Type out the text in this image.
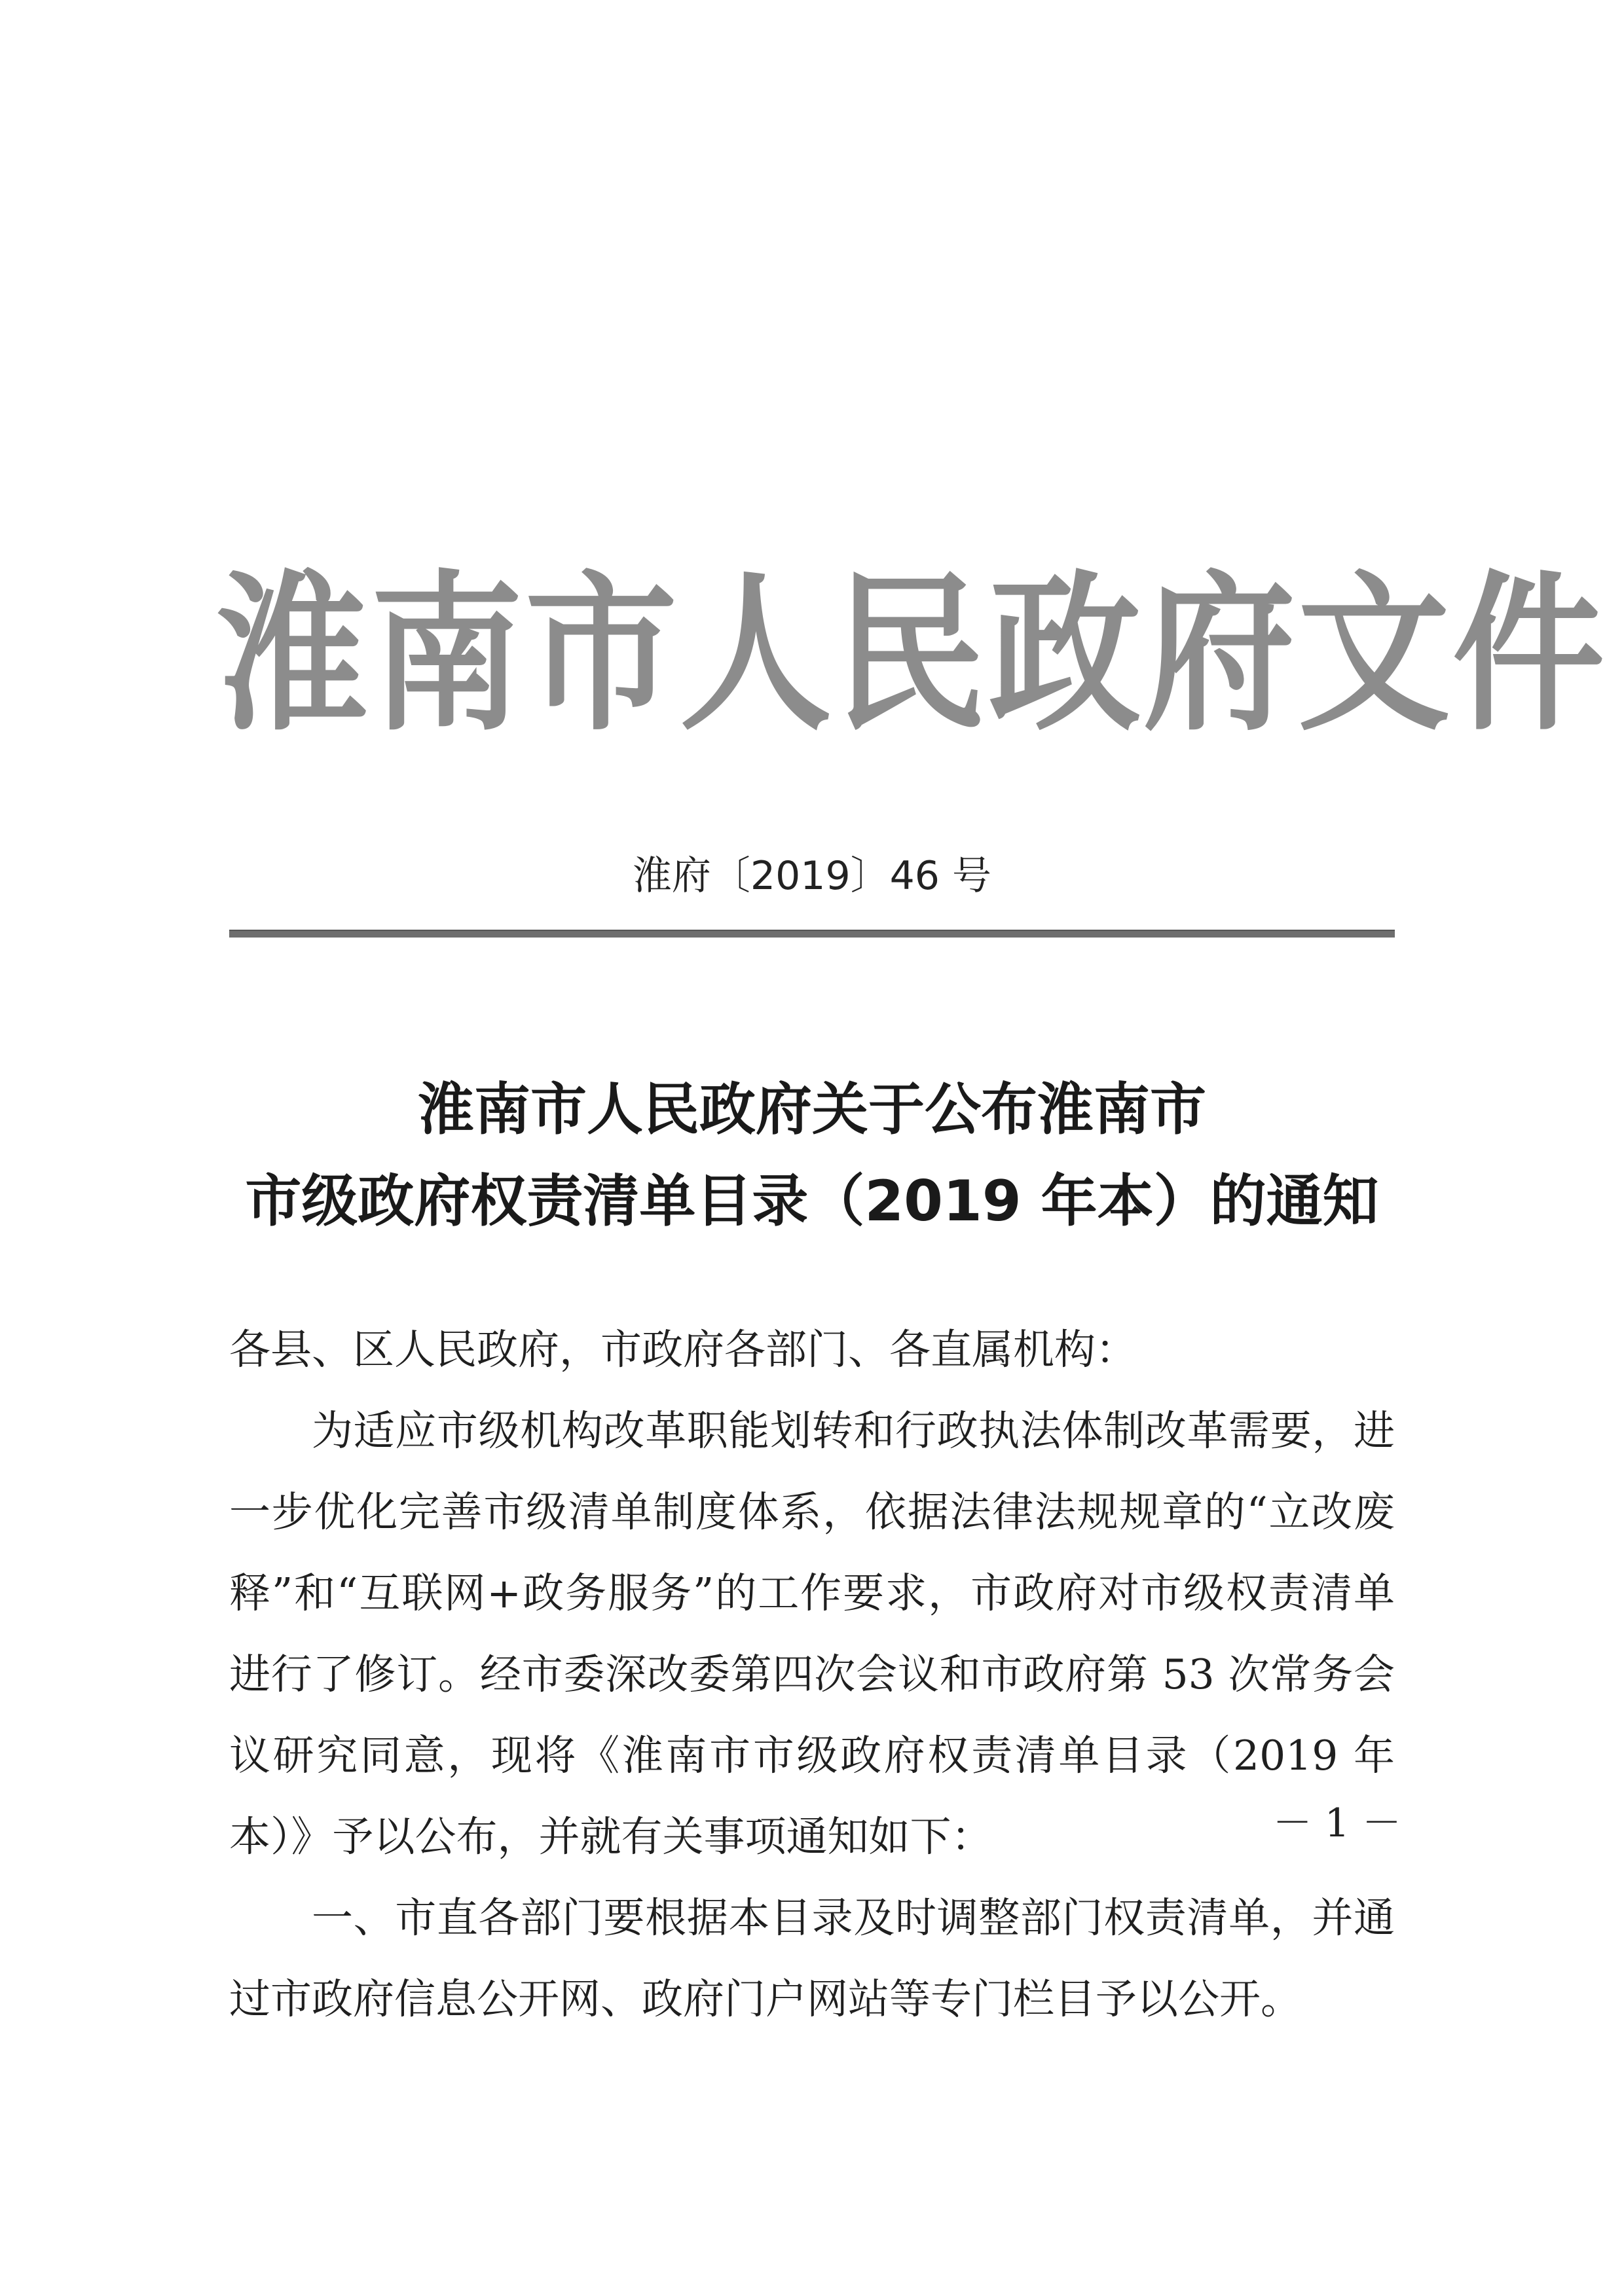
淮南市人民政府文件
淮府〔2019〕46 号
淮南市人民政府关于公布淮南市
市级政府权责清单目录（2019 年本）的通知

各县、区人民政府，市政府各部门、各直属机构：

为适应市级机构改革职能划转和行政执法体制改革需要，进一步优化完善市级清单制度体系，依据法律法规规章的“立改废释”和“互联网+政务服务”的工作要求，市政府对市级权责清单进行了修订。经市委深改委第四次会议和市政府第 53 次常务会议研究同意，现将《淮南市市级政府权责清单目录（2019 年本）》予以公布，并就有关事项通知如下：

一、市直各部门要根据本目录及时调整部门权责清单，并通过市政府信息公开网、政府门户网站等专门栏目予以公开。

－ 1 －
